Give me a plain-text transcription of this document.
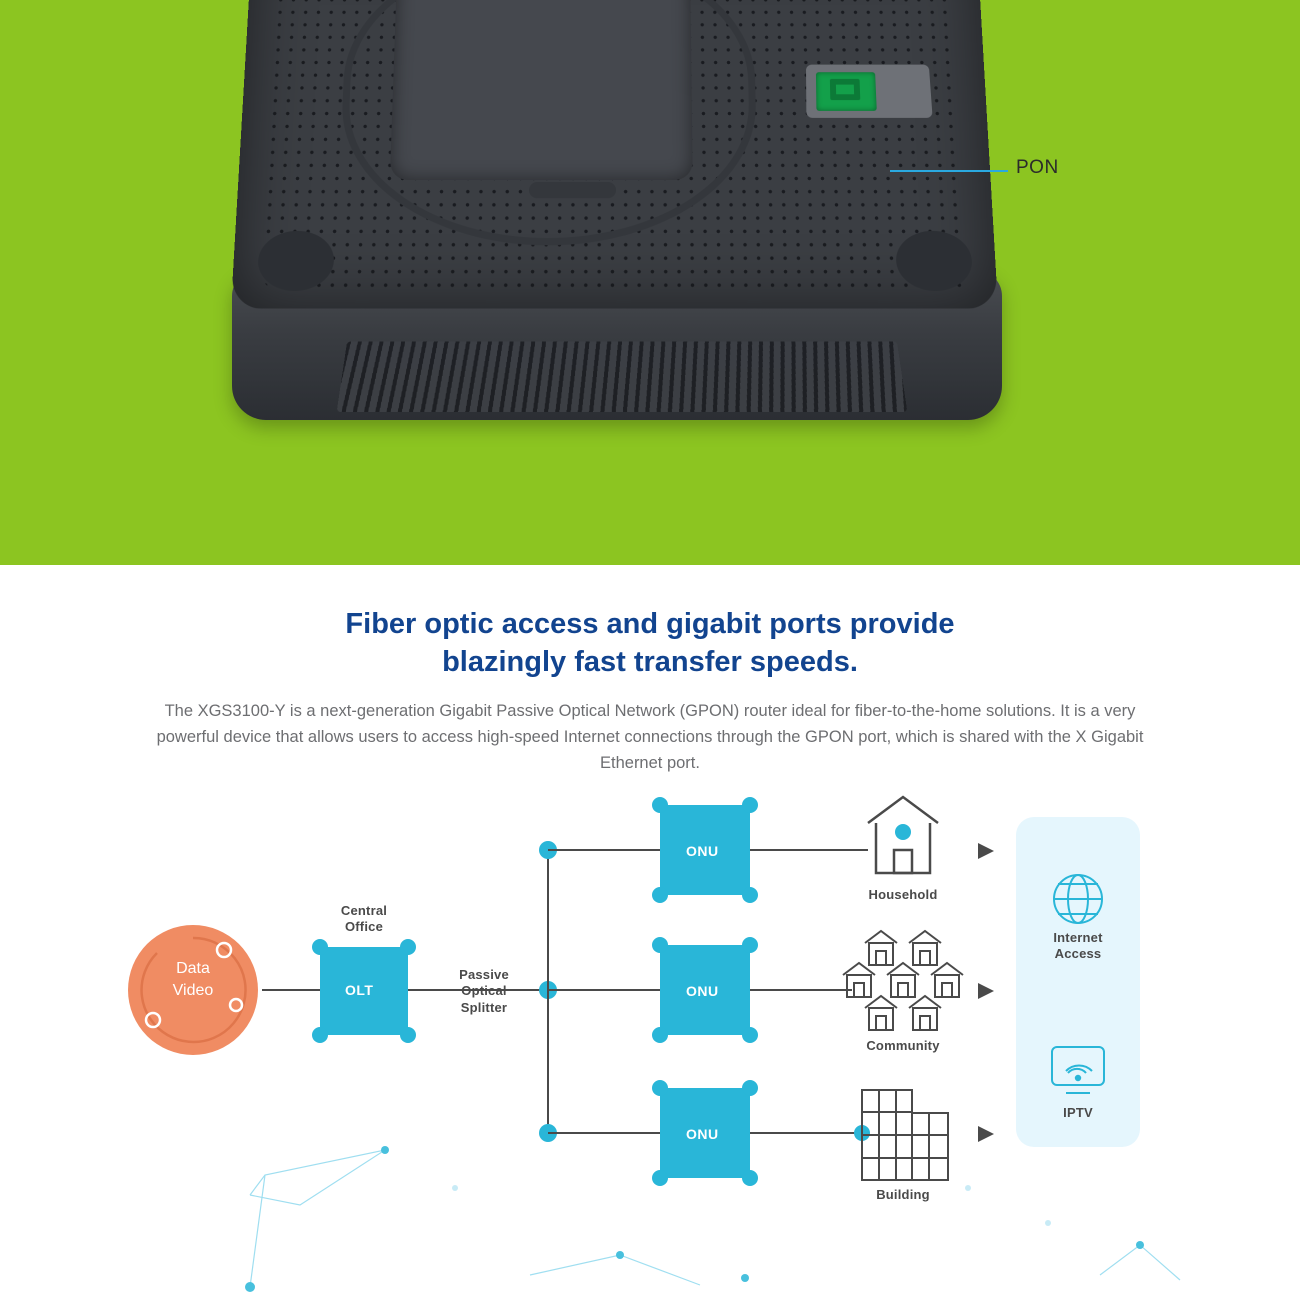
PON
Fiber optic access and gigabit ports provide
blazingly fast transfer speeds.
The XGS3100-Y is a next-generation Gigabit Passive Optical Network (GPON) router ideal for fiber-to-the-home solutions. It is a very powerful device that allows users to access high-speed Internet connections through the GPON port, which is shared with the X Gigabit Ethernet port.
Data
Video
Central
Office
OLT
Passive
Optical
Splitter
ONU
ONU
ONU
Household
Community
Building
Internet
Access
IPTV
